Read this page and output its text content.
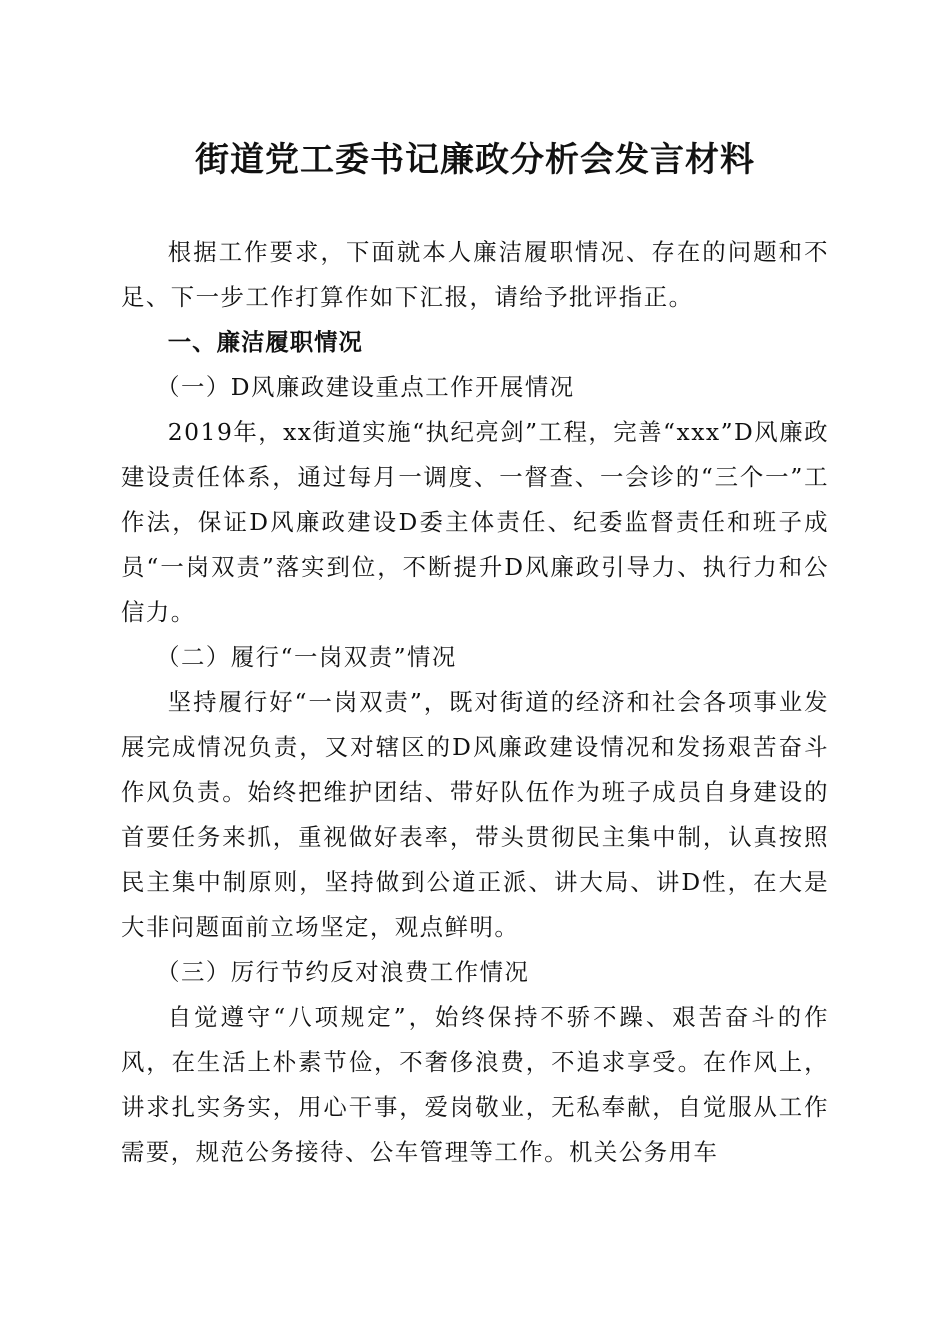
街道党工委书记廉政分析会发言材料

根据工作要求，下面就本人廉洁履职情况、存在的问题和不足、下一步工作打算作如下汇报，请给予批评指正。

一、廉洁履职情况

（一）D风廉政建设重点工作开展情况

2019年，xx街道实施“执纪亮剑”工程，完善“xxx”D风廉政建设责任体系，通过每月一调度、一督查、一会诊的“三个一”工作法，保证D风廉政建设D委主体责任、纪委监督责任和班子成员“一岗双责”落实到位，不断提升D风廉政引导力、执行力和公信力。

（二）履行“一岗双责”情况

坚持履行好“一岗双责”，既对街道的经济和社会各项事业发展完成情况负责，又对辖区的D风廉政建设情况和发扬艰苦奋斗作风负责。始终把维护团结、带好队伍作为班子成员自身建设的首要任务来抓，重视做好表率，带头贯彻民主集中制，认真按照民主集中制原则，坚持做到公道正派、讲大局、讲D性，在大是大非问题面前立场坚定，观点鲜明。

（三）厉行节约反对浪费工作情况

自觉遵守“八项规定”，始终保持不骄不躁、艰苦奋斗的作风，在生活上朴素节俭，不奢侈浪费，不追求享受。在作风上，讲求扎实务实，用心干事，爱岗敬业，无私奉献，自觉服从工作需要，规范公务接待、公车管理等工作。机关公务用车
